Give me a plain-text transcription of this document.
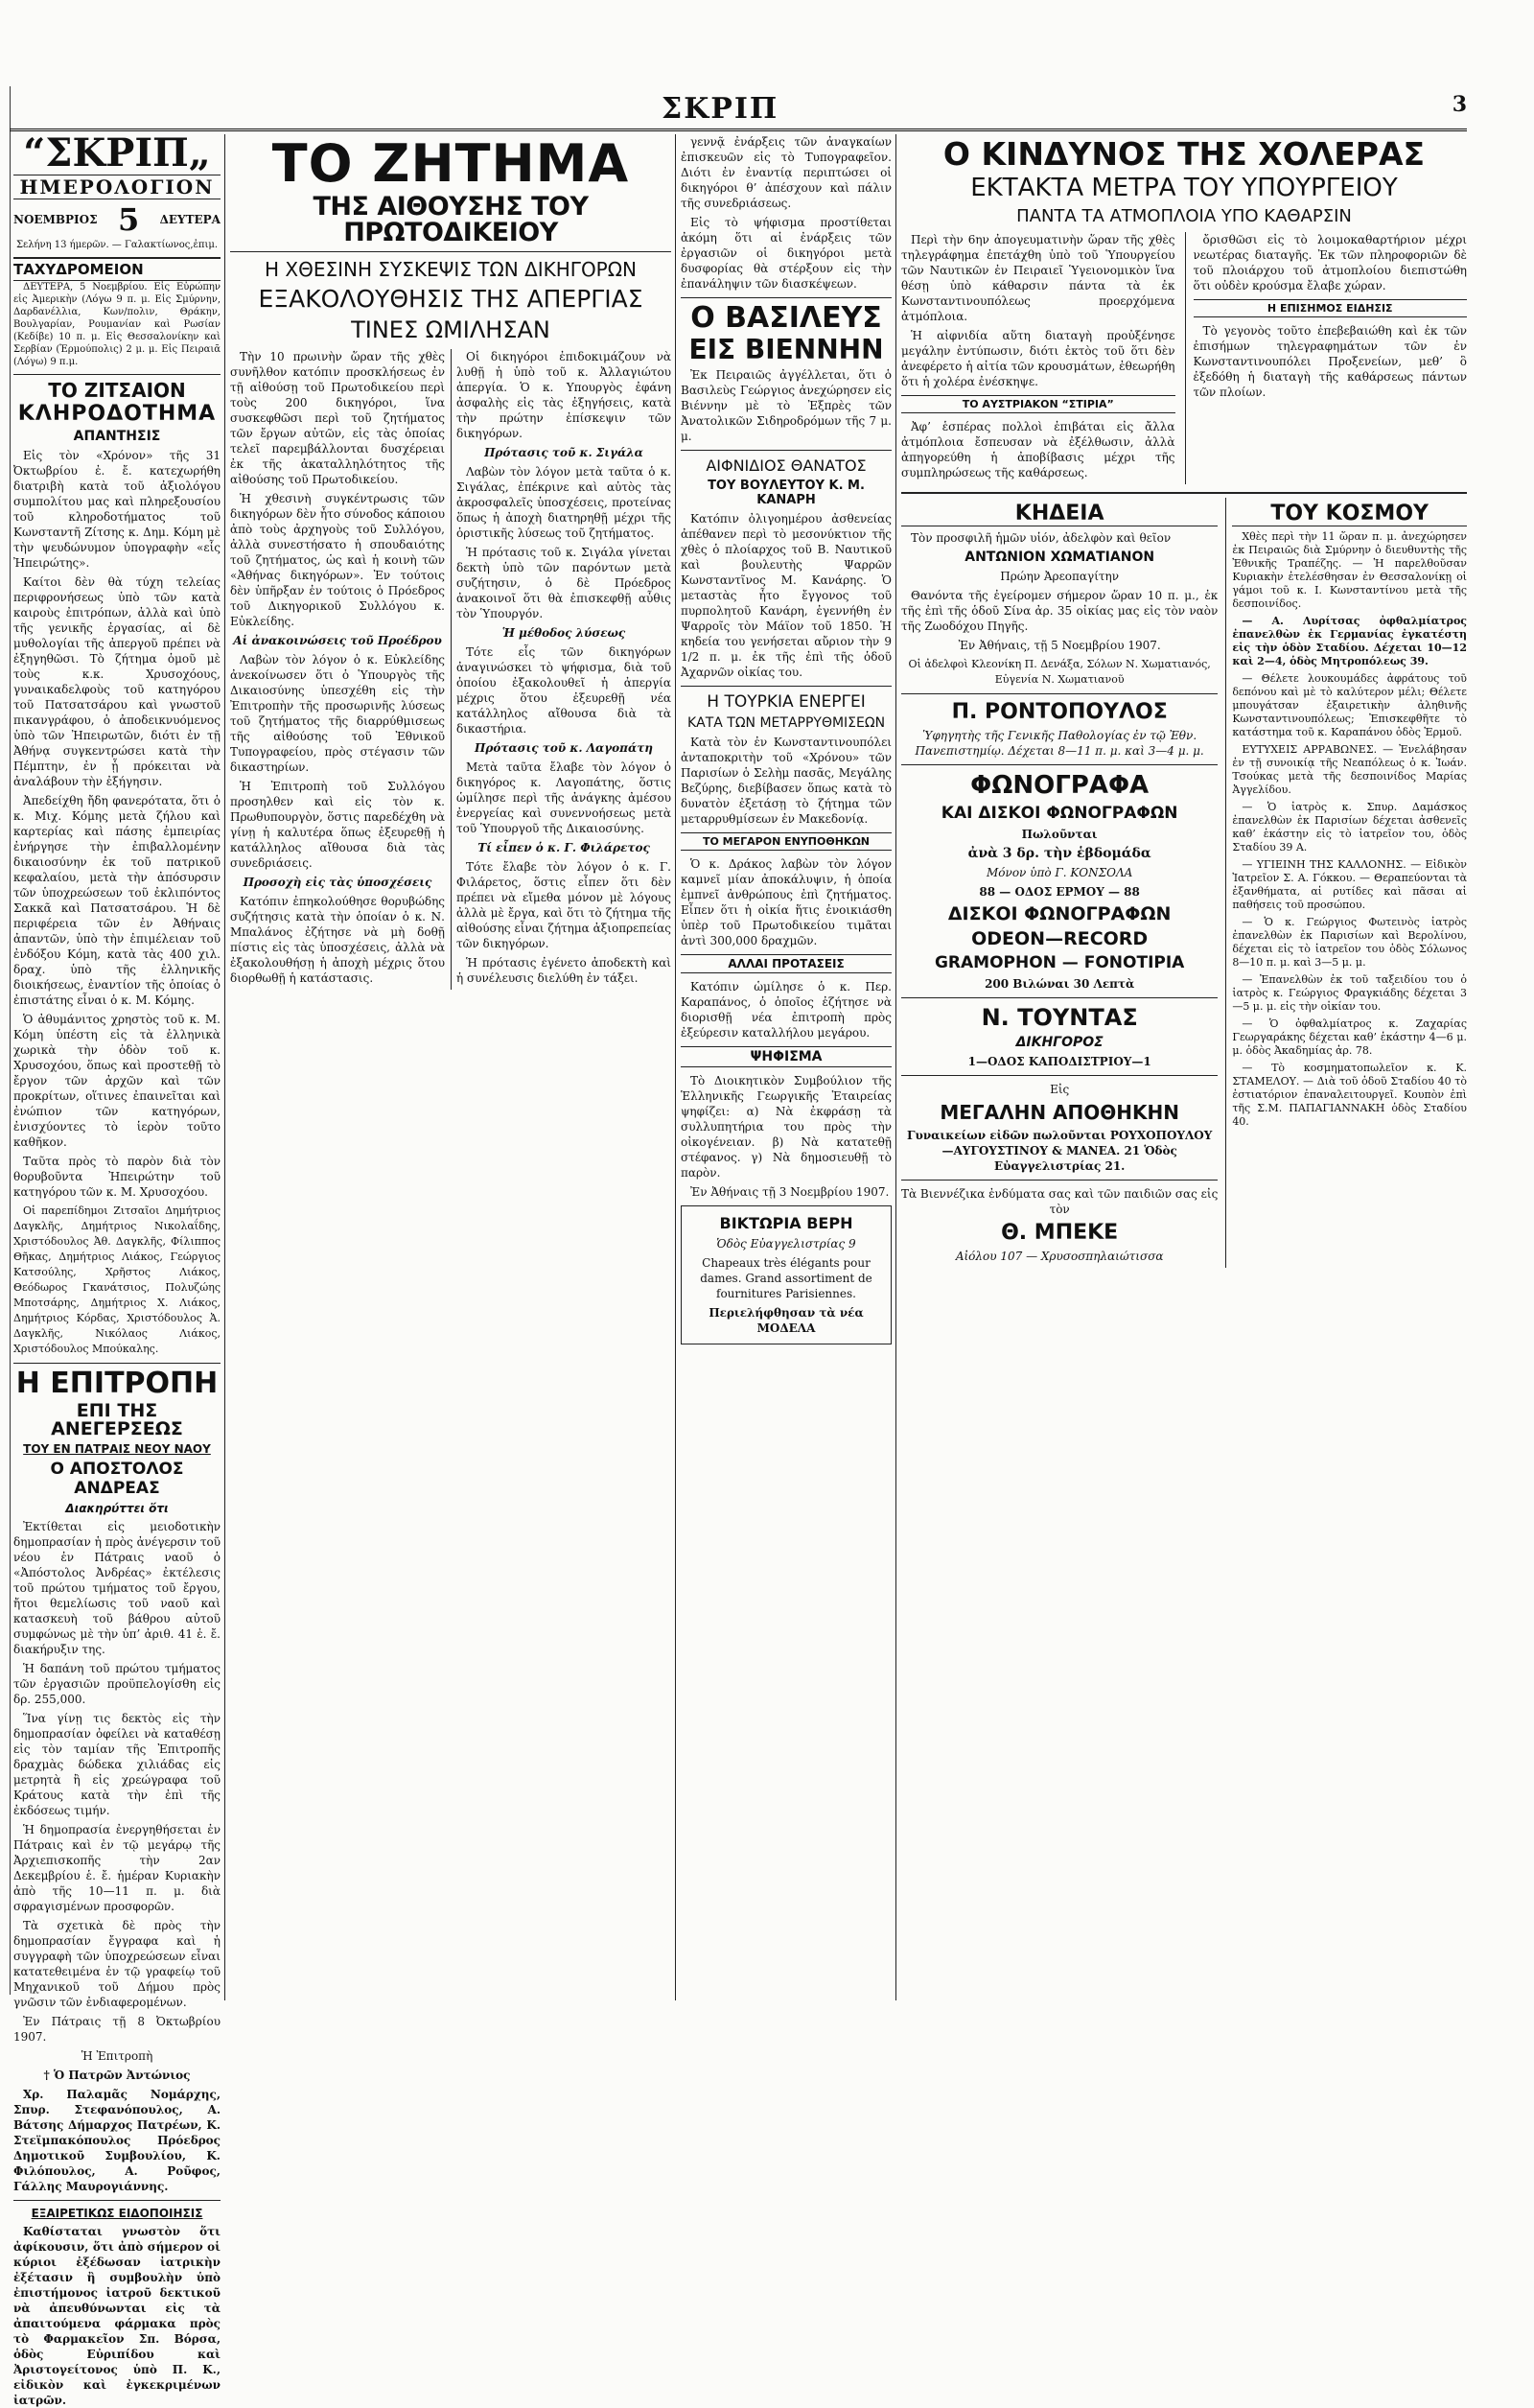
ΣΚΡΙΠ	3
“ΣΚΡΙΠ„
ΗΜΕΡΟΛΟΓΙΟΝ
ΝΟΕΜΒΡΙΟΣ 5 ΔΕΥΤΕΡΑ

Σελήνη 13 ήμερῶν. — Γαλακτίωνος,ἐπιμ.

ΤΑΧΥΔΡΟΜΕΙΟΝ

ΔΕΥΤΕΡΑ, 5 Νοεμβρίου. Εἰς Εὐρώπην εἰς Ἀμερικὴν (Λόγω 9 π. μ. Εἰς Σμύρνην, Δαρδανέλλια, Κων/πολιν, Θράκην, Βουλγαρίαν, Ρουμανίαν καὶ Ρωσίαν (Κεδίβε) 10 π. μ. Εἰς Θεσσαλονίκην καὶ Σερβίαν (Ἐρμούπολις) 2 μ. μ. Εἰς Πειραιᾶ (Λόγω) 9 π.μ.

ΤΟ ΖΙΤΣΑΙΟΝ
ΚΛΗΡΟΔΟΤΗΜΑ
ΑΠΑΝΤΗΣΙΣ

Εἰς τὸν «Χρόνον» τῆς 31 Ὀκτωβρίου ἐ. ἔ. κατεχωρήθη διατριβὴ κατὰ τοῦ ἀξιολόγου συμπολίτου μας καὶ πληρεξουσίου τοῦ κληροδοτήματος τοῦ Κωνσταντῆ Ζίτσης κ. Δημ. Κόμη μὲ τὴν ψευδώνυμον ὑπογραφὴν «εἷς Ἠπειρώτης».

Καίτοι δὲν θὰ τύχη τελείας περιφρονήσεως ὑπὸ τῶν κατὰ καιροὺς ἐπιτρόπων, ἀλλὰ καὶ ὑπὸ τῆς γενικῆς ἐργασίας, αἱ δὲ μυθολογίαι τῆς ἀπεργοῦ πρέπει νὰ ἐξηγηθῶσι. Τὸ ζήτημα ὁμοῦ μὲ τοὺς κ.κ. Χρυσοχόους, γυναικαδελφοὺς τοῦ κατηγόρου τοῦ Πατσατσάρου καὶ γνωστοῦ πικανγράφου, ὁ ἀποδεικνυόμενος ὑπὸ τῶν Ἠπειρωτῶν, διότι ἐν τῇ Ἀθήνᾳ συγκεντρώσει κατὰ τὴν Πέμπτην, ἐν ᾗ πρόκειται νὰ ἀναλάβουν τὴν ἐξήγησιν.

Ἀπεδείχθη ἤδη φανερότατα, ὅτι ὁ κ. Μιχ. Κόμης μετὰ ζήλου καὶ καρτερίας καὶ πάσης ἐμπειρίας ἐνήργησε τὴν ἐπιβαλλομένην δικαιοσύνην ἐκ τοῦ πατρικοῦ κεφαλαίου, μετὰ τὴν ἀπόσυρσιν τῶν ὑποχρεώσεων τοῦ ἐκλιπόντος Σακκᾶ καὶ Πατσατσάρου. Ἡ δὲ περιφέρεια τῶν ἐν Ἀθήναις ἀπαντῶν, ὑπὸ τὴν ἐπιμέλειαν τοῦ ἐνδόξου Κόμη, κατὰ τὰς 400 χιλ. δραχ. ὑπὸ τῆς ἐλληνικῆς διοικήσεως, ἐναντίον τῆς ὁποίας ὁ ἐπιστάτης εἶναι ὁ κ. Μ. Κόμης.

Ὁ ἀθυμάνιτος χρηστὸς τοῦ κ. Μ. Κόμη ὑπέστη εἰς τὰ ἑλληνικὰ χωρικὰ τὴν ὁδὸν τοῦ κ. Χρυσοχόου, ὅπως καὶ προστεθῇ τὸ ἔργον τῶν ἀρχῶν καὶ τῶν προκρίτων, οἵτινες ἐπαινεῖται καὶ ἐνώπιον τῶν κατηγόρων, ἐνισχύοντες τὸ ἱερὸν τοῦτο καθῆκον.

Ταῦτα πρὸς τὸ παρὸν διὰ τὸν θορυβοῦντα Ἠπειρώτην τοῦ κατηγόρου τῶν κ. Μ. Χρυσοχόου.

Οἱ παρεπίδημοι Ζιτσαῖοι Δημήτριος Δαγκλῆς, Δημήτριος Νικολαΐδης, Χριστόδουλος Ἀθ. Δαγκλῆς, Φίλιππος Θῆκας, Δημήτριος Λιάκος, Γεώργιος Κατσούλης, Χρῆστος Λιάκος, Θεόδωρος Γκανάτσιος, Πολυζώης Μποτσάρης, Δημήτριος Χ. Λιάκος, Δημήτριος Κόρδας, Χριστόδουλος Ἀ. Δαγκλῆς, Νικόλαος Λιάκος, Χριστόδουλος Μπούκαλης.

Η ΕΠΙΤΡΟΠΗ
ΕΠΙ ΤΗΣ ΑΝΕΓΕΡΣΕΩΣ
ΤΟΥ ΕΝ ΠΑΤΡΑΙΣ ΝΕΟΥ ΝΑΟΥ
Ο ΑΠΟΣΤΟΛΟΣ ΑΝΔΡΕΑΣ
Διακηρύττει ὅτι

Ἐκτίθεται εἰς μειοδοτικὴν δημοπρασίαν ἡ πρὸς ἀνέγερσιν τοῦ νέου ἐν Πάτραις ναοῦ ὁ «Ἀπόστολος Ἀνδρέας» ἐκτέλεσις τοῦ πρώτου τμήματος τοῦ ἔργου, ἤτοι θεμελίωσις τοῦ ναοῦ καὶ κατασκευὴ τοῦ βάθρου αὐτοῦ συμφώνως μὲ τὴν ὑπ’ ἀριθ. 41 ἑ. ἔ. διακήρυξιν της.

Ἡ δαπάνη τοῦ πρώτου τμήματος τῶν ἐργασιῶν προϋπελογίσθη εἰς δρ. 255,000.

Ἵνα γίνῃ τις δεκτὸς εἰς τὴν δημοπρασίαν ὀφείλει νὰ καταθέσῃ εἰς τὸν ταμίαν τῆς Ἐπιτροπῆς δραχμὰς δώδεκα χιλιάδας εἰς μετρητὰ ἢ εἰς χρεώγραφα τοῦ Κράτους κατὰ τὴν ἐπὶ τῆς ἐκδόσεως τιμήν.

Ἡ δημοπρασία ἐνεργηθήσεται ἐν Πάτραις καὶ ἐν τῷ μεγάρῳ τῆς Ἀρχιεπισκοπῆς τὴν 2αν Δεκεμβρίου ἑ. ἔ. ἡμέραν Κυριακὴν ἀπὸ τῆς 10—11 π. μ. διὰ σφραγισμένων προσφορῶν.

Τὰ σχετικὰ δὲ πρὸς τὴν δημοπρασίαν ἔγγραφα καὶ ἡ συγγραφὴ τῶν ὑποχρεώσεων εἶναι κατατεθειμένα ἐν τῷ γραφείῳ τοῦ Μηχανικοῦ τοῦ Δήμου πρὸς γνῶσιν τῶν ἐνδιαφερομένων.

Ἐν Πάτραις τῇ 8 Ὀκτωβρίου 1907.

Ἡ Ἐπιτροπὴ

† Ὁ Πατρῶν Ἀντώνιος

Χρ. Παλαμᾶς Νομάρχης, Σπυρ. Στεφανόπουλος, Α. Βάτσης Δήμαρχος Πατρέων, Κ. Στεϊμπακόπουλος Πρόεδρος Δημοτικοῦ Συμβουλίου, Κ. Φιλόπουλος, Α. Ροῦφος, Γάλλης Μαυρογιάννης.

ΕΞΑΙΡΕΤΙΚΩΣ ΕΙΔΟΠΟΙΗΣΙΣ

Καθίσταται γνωστὸν ὅτι ἀφίκουσιν, ὅτι ἀπὸ σήμερον οἱ κύριοι ἐξέδωσαν ἰατρικὴν ἐξέτασιν ἢ συμβουλὴν ὑπὸ ἐπιστήμονος ἰατροῦ δεκτικοῦ νὰ ἀπευθύνωνται εἰς τὰ ἀπαιτούμενα φάρμακα πρὸς τὸ Φαρμακεῖον Σπ. Βόρσα, ὁδὸς Εὐριπίδου καὶ Ἀριστογείτονος ὑπὸ Π. Κ., εἰδικὸν καὶ ἐγκεκριμένων ἰατρῶν.

ΤΟ ΖΗΤΗΜΑ
ΤΗΣ ΑΙΘΟΥΣΗΣ ΤΟΥ ΠΡΩΤΟΔΙΚΕΙΟΥ
Η ΧΘΕΣΙΝΗ ΣΥΣΚΕΨΙΣ ΤΩΝ ΔΙΚΗΓΟΡΩΝ
ΕΞΑΚΟΛΟΥΘΗΣΙΣ ΤΗΣ ΑΠΕΡΓΙΑΣ
ΤΙΝΕΣ ΩΜΙΛΗΣΑΝ

Τὴν 10 πρωινὴν ὥραν τῆς χθὲς συνῆλθον κατόπιν προσκλήσεως ἐν τῇ αἰθούσῃ τοῦ Πρωτοδικείου περὶ τοὺς 200 δικηγόροι, ἵνα συσκεφθῶσι περὶ τοῦ ζητήματος τῶν ἔργων αὐτῶν, εἰς τὰς ὁποίας τελεῖ παρεμβάλλονται δυσχέρειαι ἐκ τῆς ἀκαταλληλότητος τῆς αἰθούσης τοῦ Πρωτοδικείου.

Ἡ χθεσινὴ συγκέντρωσις τῶν δικηγόρων δὲν ἦτο σύνοδος κάποιου ἀπὸ τοὺς ἀρχηγοὺς τοῦ Συλλόγου, ἀλλὰ συνεστήσατο ἡ σπουδαιότης τοῦ ζητήματος, ὡς καὶ ἡ κοινὴ τῶν «Ἀθήνας δικηγόρων». Ἐν τούτοις δὲν ὑπῆρξαν ἐν τούτοις ὁ Πρόεδρος τοῦ Δικηγορικοῦ Συλλόγου κ. Εὐκλείδης.

Αἱ ἀνακοινώσεις τοῦ Προέδρου

Λαβὼν τὸν λόγον ὁ κ. Εὐκλείδης ἀνεκοίνωσεν ὅτι ὁ Ὑπουργὸς τῆς Δικαιοσύνης ὑπεσχέθη εἰς τὴν Ἐπιτροπὴν τῆς προσωρινῆς λύσεως τοῦ ζητήματος τῆς διαρρύθμισεως τῆς αἰθούσης τοῦ Ἐθνικοῦ Τυπογραφείου, πρὸς στέγασιν τῶν δικαστηρίων.

Ἡ Ἐπιτροπὴ τοῦ Συλλόγου προσηλθεν καὶ εἰς τὸν κ. Πρωθυπουργὸν, ὅστις παρεδέχθη νὰ γίνῃ ἡ καλυτέρα ὅπως ἐξευρεθῇ ἡ κατάλληλος αἴθουσα διὰ τὰς συνεδριάσεις.

Προσοχὴ εἰς τὰς ὑποσχέσεις

Κατόπιν ἐπηκολούθησε θορυβώδης συζήτησις κατὰ τὴν ὁποίαν ὁ κ. Ν. Μπαλάνος ἐζήτησε νὰ μὴ δοθῇ πίστις εἰς τὰς ὑποσχέσεις, ἀλλὰ νὰ ἐξακολουθήσῃ ἡ ἀποχὴ μέχρις ὅτου διορθωθῇ ἡ κατάστασις.

Οἱ δικηγόροι ἐπιδοκιμάζουν νὰ λυθῇ ἡ ὑπὸ τοῦ κ. Ἀλλαγιώτου ἀπεργία. Ὁ κ. Υπουργὸς ἐφάνη ἀσφαλὴς εἰς τὰς ἐξηγήσεις, κατὰ τὴν πρώτην ἐπίσκεψιν τῶν δικηγόρων.

Πρότασις τοῦ κ. Σιγάλα

Λαβὼν τὸν λόγον μετὰ ταῦτα ὁ κ. Σιγάλας, ἐπέκρινε καὶ αὐτὸς τὰς ἀκροσφαλεῖς ὑποσχέσεις, προτείνας ὅπως ἡ ἀποχὴ διατηρηθῇ μέχρι τῆς ὁριστικῆς λύσεως τοῦ ζητήματος.

Ἡ πρότασις τοῦ κ. Σιγάλα γίνεται δεκτὴ ὑπὸ τῶν παρόντων μετὰ συζήτησιν, ὁ δὲ Πρόεδρος ἀνακοινοῖ ὅτι θὰ ἐπισκεφθῇ αὖθις τὸν Ὑπουργόν.

Ἡ μέθοδος λύσεως

Τότε εἷς τῶν δικηγόρων ἀναγινώσκει τὸ ψήφισμα, διὰ τοῦ ὁποίου ἐξακολουθεῖ ἡ ἀπεργία μέχρις ὅτου ἐξευρεθῇ νέα κατάλληλος αἴθουσα διὰ τὰ δικαστήρια.

Πρότασις τοῦ κ. Λαγοπάτη

Μετὰ ταῦτα ἔλαβε τὸν λόγον ὁ δικηγόρος κ. Λαγοπάτης, ὅστις ὡμίλησε περὶ τῆς ἀνάγκης ἀμέσου ἐνεργείας καὶ συνεννοήσεως μετὰ τοῦ Ὑπουργοῦ τῆς Δικαιοσύνης.

Τί εἶπεν ὁ κ. Γ. Φιλάρετος

Τότε ἔλαβε τὸν λόγον ὁ κ. Γ. Φιλάρετος, ὅστις εἶπεν ὅτι δὲν πρέπει νὰ εἴμεθα μόνον μὲ λόγους ἀλλὰ μὲ ἔργα, καὶ ὅτι τὸ ζήτημα τῆς αἰθούσης εἶναι ζήτημα ἀξιοπρεπείας τῶν δικηγόρων.

Ἡ πρότασις ἐγένετο ἀποδεκτὴ καὶ ἡ συνέλευσις διελύθη ἐν τάξει.

γεννᾷ ἐνάρξεις τῶν ἀναγκαίων ἐπισκευῶν εἰς τὸ Τυπογραφεῖον. Διότι ἐν ἐναντίᾳ περιπτώσει οἱ δικηγόροι θ’ ἀπέσχουν καὶ πάλιν τῆς συνεδριάσεως.

Εἰς τὸ ψήφισμα προστίθεται ἀκόμη ὅτι αἱ ἐνάρξεις τῶν ἐργασιῶν οἱ δικηγόροι μετὰ δυσφορίας θὰ στέρξουν εἰς τὴν ἐπανάληψιν τῶν διασκέψεων.

Ο ΒΑΣΙΛΕΥΣ
ΕΙΣ ΒΙΕΝΝΗΝ

Ἐκ Πειραιῶς ἀγγέλλεται, ὅτι ὁ Βασιλεὺς Γεώργιος ἀνεχώρησεν εἰς Βιέννην μὲ τὸ Ἐξπρὲς τῶν Ἀνατολικῶν Σιδηροδρόμων τῆς 7 μ. μ.

ΑΙΦΝΙΔΙΟΣ ΘΑΝΑΤΟΣ
ΤΟΥ ΒΟΥΛΕΥΤΟΥ Κ. Μ. ΚΑΝΑΡΗ

Κατόπιν ὀλιγοημέρου ἀσθενείας ἀπέθανεν περὶ τὸ μεσονύκτιον τῆς χθὲς ὁ πλοίαρχος τοῦ Β. Ναυτικοῦ καὶ βουλευτὴς Ψαρρῶν Κωνσταντῖνος Μ. Κανάρης. Ὁ μεταστὰς ἦτο ἔγγονος τοῦ πυρπολητοῦ Κανάρη, ἐγεννήθη ἐν Ψαρροῖς τὸν Μάϊον τοῦ 1850. Ἡ κηδεία του γενήσεται αὔριον τὴν 9 1/2 π. μ. ἐκ τῆς ἐπὶ τῆς ὁδοῦ Ἀχαρνῶν οἰκίας του.

Η ΤΟΥΡΚΙΑ ΕΝΕΡΓΕΙ
ΚΑΤΑ ΤΩΝ ΜΕΤΑΡΡΥΘΜΙΣΕΩΝ

Κατὰ τὸν ἐν Κωνσταντινουπόλει ἀνταποκριτὴν τοῦ «Χρόνου» τῶν Παρισίων ὁ Σελὴμ πασᾶς, Μεγάλης Βεζύρης, διεβίβασεν ὅπως κατὰ τὸ δυνατὸν ἐξετάσῃ τὸ ζήτημα τῶν μεταρρυθμίσεων ἐν Μακεδονίᾳ.

ΤΟ ΜΕΓΑΡΟΝ ΕΝΥΠΟΘΗΚΩΝ

Ὁ κ. Δράκος λαβὼν τὸν λόγον καμνεῖ μίαν ἀποκάλυψιν, ἡ ὁποία ἐμπνεῖ ἀνθρώπους ἐπὶ ζητήματος. Εἶπεν ὅτι ἡ οἰκία ἥτις ἐνοικιάσθη ὑπὲρ τοῦ Πρωτοδικείου τιμᾶται ἀντὶ 300,000 δραχμῶν.

ΑΛΛΑΙ ΠΡΟΤΑΣΕΙΣ

Κατόπιν ὡμίλησε ὁ κ. Περ. Καραπάνος, ὁ ὁποῖος ἐζήτησε νὰ διορισθῇ νέα ἐπιτροπὴ πρὸς ἐξεύρεσιν καταλλήλου μεγάρου.

ΨΗΦΙΣΜΑ

Τὸ Διοικητικὸν Συμβούλιον τῆς Ἑλληνικῆς Γεωργικῆς Ἑταιρείας ψηφίζει: α) Νὰ ἐκφράσῃ τὰ συλλυπητήρια του πρὸς τὴν οἰκογένειαν. β) Νὰ κατατεθῇ στέφανος. γ) Νὰ δημοσιευθῇ τὸ παρὸν.

Ἐν Ἀθήναις τῇ 3 Νοεμβρίου 1907.

ΒΙΚΤΩΡΙΑ ΒΕΡΗ

Ὁδὸς Εὐαγγελιστρίας 9

Chapeaux très élégants pour dames. Grand assortiment de fournitures Parisiennes.

Περιελήφθησαν τὰ νέα ΜΟΔΕΛΑ

Ο ΚΙΝΔΥΝΟΣ ΤΗΣ ΧΟΛΕΡΑΣ
ΕΚΤΑΚΤΑ ΜΕΤΡΑ ΤΟΥ ΥΠΟΥΡΓΕΙΟΥ
ΠΑΝΤΑ ΤΑ ΑΤΜΟΠΛΟΙΑ ΥΠΟ ΚΑΘΑΡΣΙΝ

Περὶ τὴν 6ην ἀπογευματινὴν ὥραν τῆς χθὲς τηλεγράφημα ἐπετάχθη ὑπὸ τοῦ Ὑπουργείου τῶν Ναυτικῶν ἐν Πειραιεῖ Ὑγειονομικὸν ἵνα θέσῃ ὑπὸ κάθαρσιν πάντα τὰ ἐκ Κωνσταντινουπόλεως προερχόμενα ἀτμόπλοια.

Ἡ αἰφνιδία αὕτη διαταγὴ προὐξένησε μεγάλην ἐντύπωσιν, διότι ἐκτὸς τοῦ ὅτι δὲν ἀνεφέρετο ἡ αἰτία τῶν κρουσμάτων, ἐθεωρήθη ὅτι ἡ χολέρα ἐνέσκηψε.

ΤΟ ΑΥΣΤΡΙΑΚΟΝ “ΣΤΙΡΙΑ”

Ἀφ’ ἑσπέρας πολλοὶ ἐπιβάται εἰς ἄλλα ἀτμόπλοια ἔσπευσαν νὰ ἐξέλθωσιν, ἀλλὰ ἀπηγορεύθη ἡ ἀποβίβασις μέχρι τῆς συμπληρώσεως τῆς καθάρσεως.

ὄρισθῶσι εἰς τὸ λοιμοκαθαρτήριον μέχρι νεωτέρας διαταγῆς. Ἐκ τῶν πληροφοριῶν δὲ τοῦ πλοιάρχου τοῦ ἀτμοπλοίου διεπιστώθη ὅτι οὐδὲν κρούσμα ἔλαβε χώραν.

Η ΕΠΙΣΗΜΟΣ ΕΙΔΗΣΙΣ

Τὸ γεγονὸς τοῦτο ἐπεβεβαιώθη καὶ ἐκ τῶν ἐπισήμων τηλεγραφημάτων τῶν ἐν Κωνσταντινουπόλει Προξενείων, μεθ’ ὃ ἐξεδόθη ἡ διαταγὴ τῆς καθάρσεως πάντων τῶν πλοίων.

ΚΗΔΕΙΑ

Τὸν προσφιλῆ ἡμῶν υἱόν, ἀδελφὸν καὶ θεῖον

ΑΝΤΩΝΙΟΝ ΧΩΜΑΤΙΑΝΟΝ

Πρώην Ἀρεοπαγίτην

Θανόντα τῆς ἐγείρομεν σήμερον ὥραν 10 π. μ., ἐκ τῆς ἐπὶ τῆς ὁδοῦ Σίνα ἀρ. 35 οἰκίας μας εἰς τὸν ναὸν τῆς Ζωοδόχου Πηγῆς.

Ἐν Ἀθήναις, τῇ 5 Νοεμβρίου 1907.

Οἱ ἀδελφοὶ Κλεονίκη Π. Δενάξα, Σόλων Ν. Χωματιανός, Εὐγενία Ν. Χωματιανοῦ

Π. ΡΟΝΤΟΠΟΥΛΟΣ

Ὑφηγητὴς τῆς Γενικῆς Παθολογίας ἐν τῷ Ἐθν. Πανεπιστημίῳ. Δέχεται 8—11 π. μ. καὶ 3—4 μ. μ.

ΦΩΝΟΓΡΑΦΑ
ΚΑΙ ΔΙΣΚΟΙ ΦΩΝΟΓΡΑΦΩΝ

Πωλοῦνται

ἀνὰ 3 δρ. τὴν ἑβδομάδα

Μόνον ὑπὸ Γ. ΚΟΝΣΟΛΑ

88 — ΟΔΟΣ ΕΡΜΟΥ — 88

ΔΙΣΚΟΙ ΦΩΝΟΓΡΑΦΩΝ
ODEON—RECORD
GRAMOPHON — FONOTIPIA

200 Βιλώναι 30 Λεπτὰ

Ν. ΤΟΥΝΤΑΣ
ΔΙΚΗΓΟΡΟΣ

1—ΟΔΟΣ ΚΑΠΟΔΙΣΤΡΙΟΥ—1

Εἰς

ΜΕΓΑΛΗΝ ΑΠΟΘΗΚΗΝ

Γυναικείων εἰδῶν πωλοῦνται ΡΟΥΧΟΠΟΥΛΟΥ—ΑΥΓΟΥΣΤΙΝΟΥ & ΜΑΝΕΑ. 21 Ὁδὸς Εὐαγγελιστρίας 21.

Τὰ Βιεννέζικα ἐνδύματα σας καὶ τῶν παιδιῶν σας εἰς τὸν

Θ. ΜΠΕΚΕ

Αἰόλου 107 — Χρυσοσπηλαιώτισσα

ΤΟΥ ΚΟΣΜΟΥ

Χθὲς περὶ τὴν 11 ὥραν π. μ. ἀνεχώρησεν ἐκ Πειραιῶς διὰ Σμύρνην ὁ διευθυντὴς τῆς Ἐθνικῆς Τραπέζης. — Ἡ παρελθοῦσαν Κυριακὴν ἐτελέσθησαν ἐν Θεσσαλονίκῃ οἱ γάμοι τοῦ κ. Ι. Κωνσταντίνου μετὰ τῆς δεσποινίδος.

— Α. Λυρίτσας ὀφθαλμίατρος ἐπανελθὼν ἐκ Γερμανίας ἐγκατέστη εἰς τὴν ὁδὸν Σταδίου. Δέχεται 10—12 καὶ 2—4, ὁδὸς Μητροπόλεως 39.

— Θέλετε λουκουμάδες ἀφράτους τοῦ δεπόνου καὶ μὲ τὸ καλύτερον μέλι; Θέλετε μπουγάτσαν ἐξαιρετικὴν ἀληθινῆς Κωνσταντινουπόλεως; Ἐπισκεφθῆτε τὸ κατάστημα τοῦ κ. Καραπάνου ὁδὸς Ἑρμοῦ.

ΕΥΤΥΧΕΙΣ ΑΡΡΑΒΩΝΕΣ. — Ἐνελάβησαν ἐν τῇ συνοικίᾳ τῆς Νεαπόλεως ὁ κ. Ἰωάν. Τσούκας μετὰ τῆς δεσποινίδος Μαρίας Ἀγγελίδου.

— Ὁ ἰατρὸς κ. Σπυρ. Δαμάσκος ἐπανελθὼν ἐκ Παρισίων δέχεται ἀσθενεῖς καθ’ ἑκάστην εἰς τὸ ἰατρεῖον του, ὁδὸς Σταδίου 39 Α.

— ΥΓΙΕΙΝΗ ΤΗΣ ΚΑΛΛΟΝΗΣ. — Εἰδικὸν Ἰατρεῖον Σ. Α. Γόκκου. — Θεραπεύονται τὰ ἐξανθήματα, αἱ ρυτίδες καὶ πᾶσαι αἱ παθήσεις τοῦ προσώπου.

— Ὁ κ. Γεώργιος Φωτεινὸς ἰατρὸς ἐπανελθὼν ἐκ Παρισίων καὶ Βερολίνου, δέχεται εἰς τὸ ἰατρεῖον του ὁδὸς Σόλωνος 8—10 π. μ. καὶ 3—5 μ. μ.

— Ἐπανελθὼν ἐκ τοῦ ταξειδίου του ὁ ἰατρὸς κ. Γεώργιος Φραγκιάδης δέχεται 3—5 μ. μ. εἰς τὴν οἰκίαν του.

— Ὁ ὀφθαλμίατρος κ. Ζαχαρίας Γεωργαράκης δέχεται καθ’ ἑκάστην 4—6 μ. μ. ὁδὸς Ἀκαδημίας ἀρ. 78.

— Τὸ κοσμηματοπωλεῖον κ. Κ. ΣΤΑΜΕΛΟΥ. — Διὰ τοῦ ὁδοῦ Σταδίου 40 τὸ ἐστιατόριον ἐπαναλειτουργεῖ. Κουπὸν ἐπὶ τῆς Σ.Μ. ΠΑΠΑΓΙΑΝΝΑΚΗ ὁδὸς Σταδίου 40.
